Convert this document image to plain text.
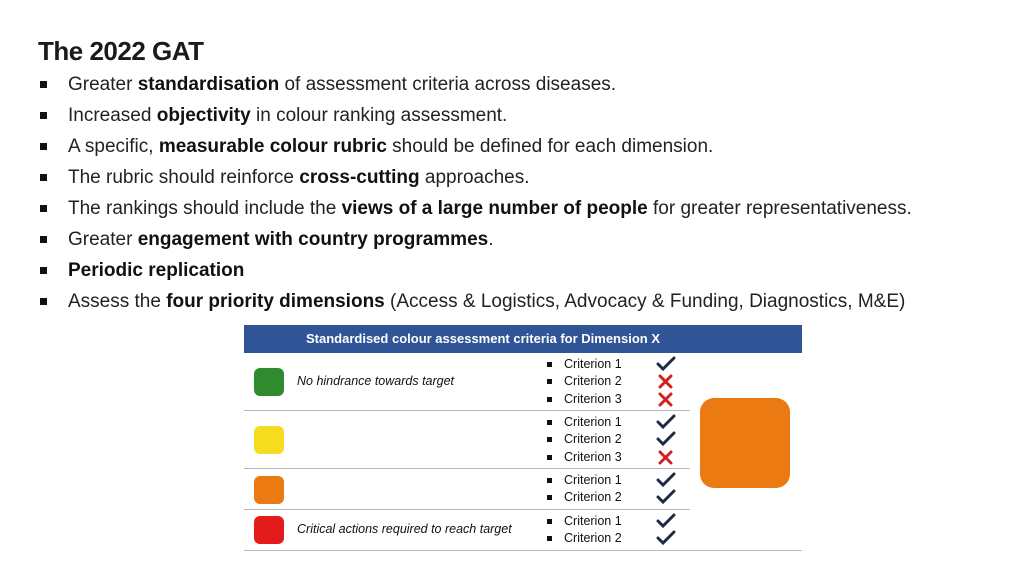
The 2022 GAT
Greater standardisation of assessment criteria across diseases.
Increased objectivity in colour ranking assessment.
A specific, measurable colour rubric should be defined for each dimension.
The rubric should reinforce cross-cutting approaches.
The rankings should include the views of a large number of people for greater representativeness.
Greater engagement with country programmes.
Periodic replication
Assess the four priority dimensions (Access & Logistics, Advocacy & Funding, Diagnostics, M&E)
Standardised colour assessment criteria for Dimension X
No hindrance towards target
Criterion 1
Criterion 2
Criterion 3
Criterion 1
Criterion 2
Criterion 3
Criterion 1
Criterion 2
Critical actions required to reach target
Criterion 1
Criterion 2
